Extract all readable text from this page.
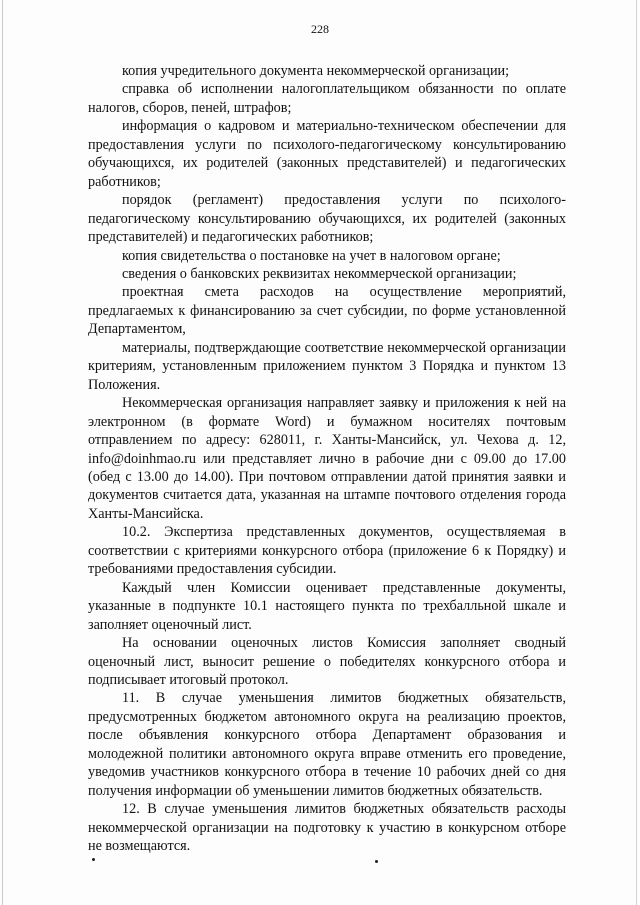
228

копия учредительного документа некоммерческой организации;

справка об исполнении налогоплательщиком обязанности по оплате налогов, сборов, пеней, штрафов;

информация о кадровом и материально-техническом обеспечении для предоставления услуги по психолого-педагогическому консультированию обучающихся, их родителей (законных представителей) и педагогических работников;

порядок (регламент) предоставления услуги по психолого-педагогическому консультированию обучающихся, их родителей (законных представителей) и педагогических работников;

копия свидетельства о постановке на учет в налоговом органе;

сведения о банковских реквизитах некоммерческой организации;

проектная смета расходов на осуществление мероприятий, предлагаемых к финансированию за счет субсидии, по форме установленной Департаментом,

материалы, подтверждающие соответствие некоммерческой организации критериям, установленным приложением пунктом 3 Порядка и пунктом 13 Положения.

Некоммерческая организация направляет заявку и приложения к ней на электронном (в формате Word) и бумажном носителях почтовым отправлением по адресу: 628011, г. Ханты-Мансийск, ул. Чехова д. 12, info@doinhmao.ru или представляет лично в рабочие дни с 09.00 до 17.00 (обед с 13.00 до 14.00). При почтовом отправлении датой принятия заявки и документов считается дата, указанная на штампе почтового отделения города Ханты-Мансийска.

10.2. Экспертиза представленных документов, осуществляемая в соответствии с критериями конкурсного отбора (приложение 6 к Порядку) и требованиями предоставления субсидии.

Каждый член Комиссии оценивает представленные документы, указанные в подпункте 10.1 настоящего пункта по трехбалльной шкале и заполняет оценочный лист.

На основании оценочных листов Комиссия заполняет сводный оценочный лист, выносит решение о победителях конкурсного отбора и подписывает итоговый протокол.

11. В случае уменьшения лимитов бюджетных обязательств, предусмотренных бюджетом автономного округа на реализацию проектов, после объявления конкурсного отбора Департамент образования и молодежной политики автономного округа вправе отменить его проведение, уведомив участников конкурсного отбора в течение 10 рабочих дней со дня получения информации об уменьшении лимитов бюджетных обязательств.

12. В случае уменьшения лимитов бюджетных обязательств расходы некоммерческой организации на подготовку к участию в конкурсном отборе не возмещаются.
